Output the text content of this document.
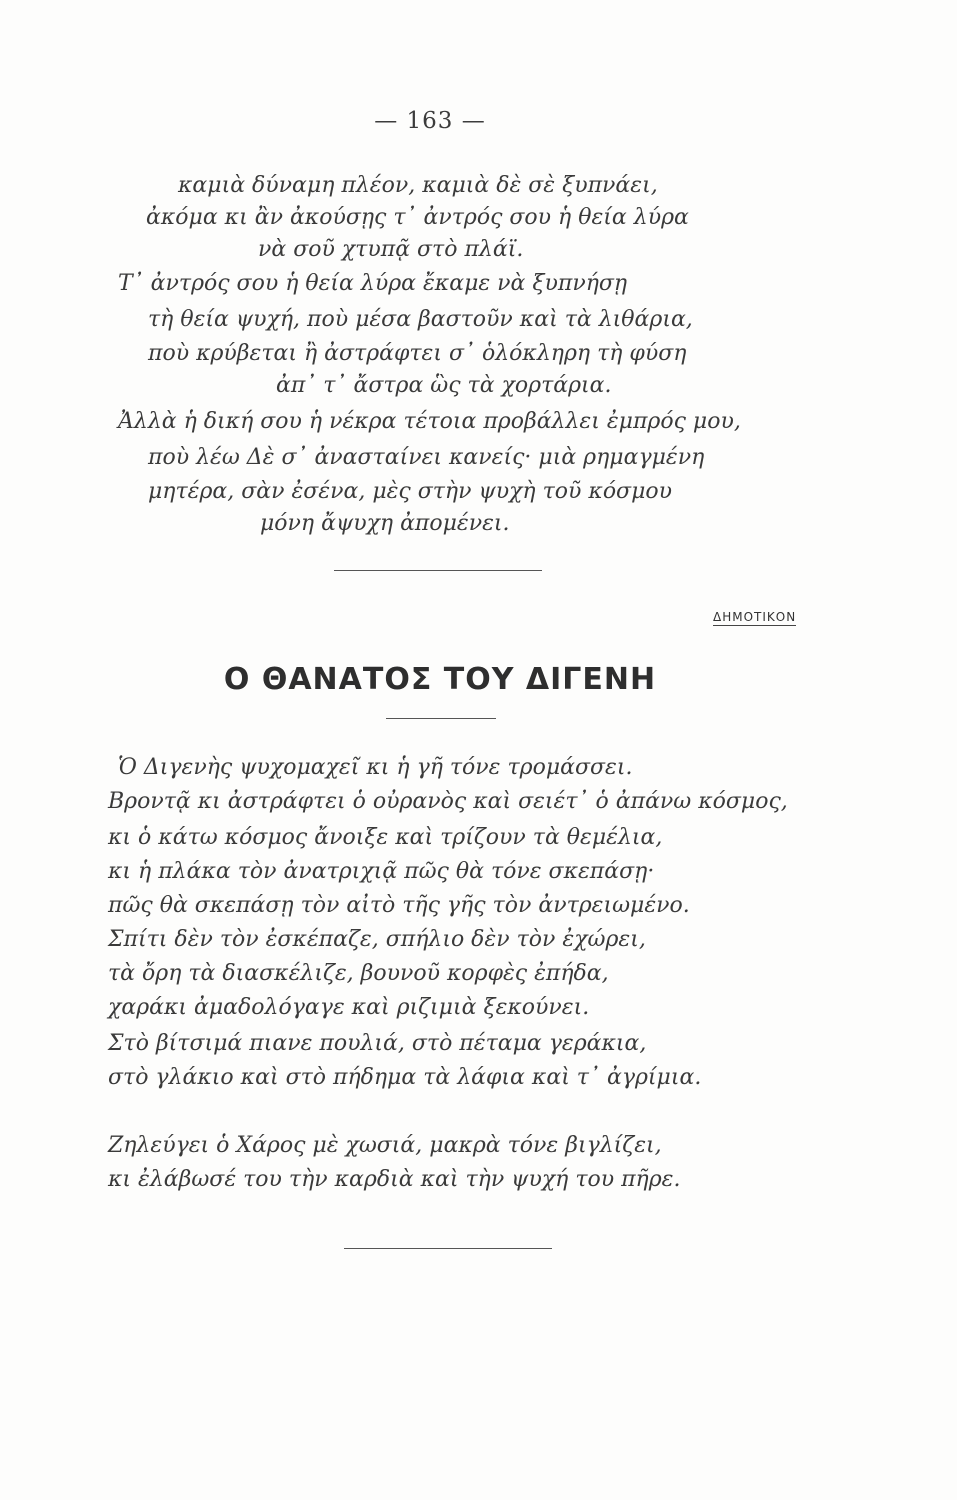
— 163 —
καμιὰ δύναμη πλέον, καμιὰ δὲ σὲ ξυπνάει,
ἀκόμα κι ἂν ἀκούσῃς τ᾽ ἀντρός σου ἡ θεία λύρα
νὰ σοῦ χτυπᾷ στὸ πλάϊ.
Τ᾽ ἀντρός σου ἡ θεία λύρα ἔκαμε νὰ ξυπνήσῃ
τὴ θεία ψυχή, ποὺ μέσα βαστοῦν καὶ τὰ λιθάρια,
ποὺ κρύβεται ἢ ἀστράφτει σ᾽ ὁλόκληρη τὴ φύση
ἀπ᾽ τ᾽ ἄστρα ὣς τὰ χορτάρια.
Ἀλλὰ ἡ δική σου ἡ νέκρα τέτοια προβάλλει ἐμπρός μου,
ποὺ λέω Δὲ σ᾽ ἀνασταίνει κανείς· μιὰ ρημαγμένη
μητέρα, σὰν ἐσένα, μὲς στὴν ψυχὴ τοῦ κόσμου
μόνη ἄψυχη ἀπομένει.
ΔΗΜΟΤΙΚΟΝ
Ο ΘΑΝΑΤΟΣ ΤΟΥ ΔΙΓΕΝΗ
Ὁ Διγενὴς ψυχομαχεῖ κι ἡ γῆ τόνε τρομάσσει.
Βροντᾷ κι ἀστράφτει ὁ οὐρανὸς καὶ σειέτ᾽ ὁ ἀπάνω κόσμος,
κι ὁ κάτω κόσμος ἄνοιξε καὶ τρίζουν τὰ θεμέλια,
κι ἡ πλάκα τὸν ἀνατριχιᾷ πῶς θὰ τόνε σκεπάσῃ·
πῶς θὰ σκεπάσῃ τὸν αἰτὸ τῆς γῆς τὸν ἀντρειωμένο.
Σπίτι δὲν τὸν ἐσκέπαζε, σπήλιο δὲν τὸν ἐχώρει,
τὰ ὄρη τὰ διασκέλιζε, βουνοῦ κορφὲς ἐπήδα,
χαράκι ἀμαδολόγαγε καὶ ριζιμιὰ ξεκούνει.
Στὸ βίτσιμά πιανε πουλιά, στὸ πέταμα γεράκια,
στὸ γλάκιο καὶ στὸ πήδημα τὰ λάφια καὶ τ᾽ ἀγρίμια.
Ζηλεύγει ὁ Χάρος μὲ χωσιά, μακρὰ τόνε βιγλίζει,
κι ἐλάβωσέ του τὴν καρδιὰ καὶ τὴν ψυχή του πῆρε.
